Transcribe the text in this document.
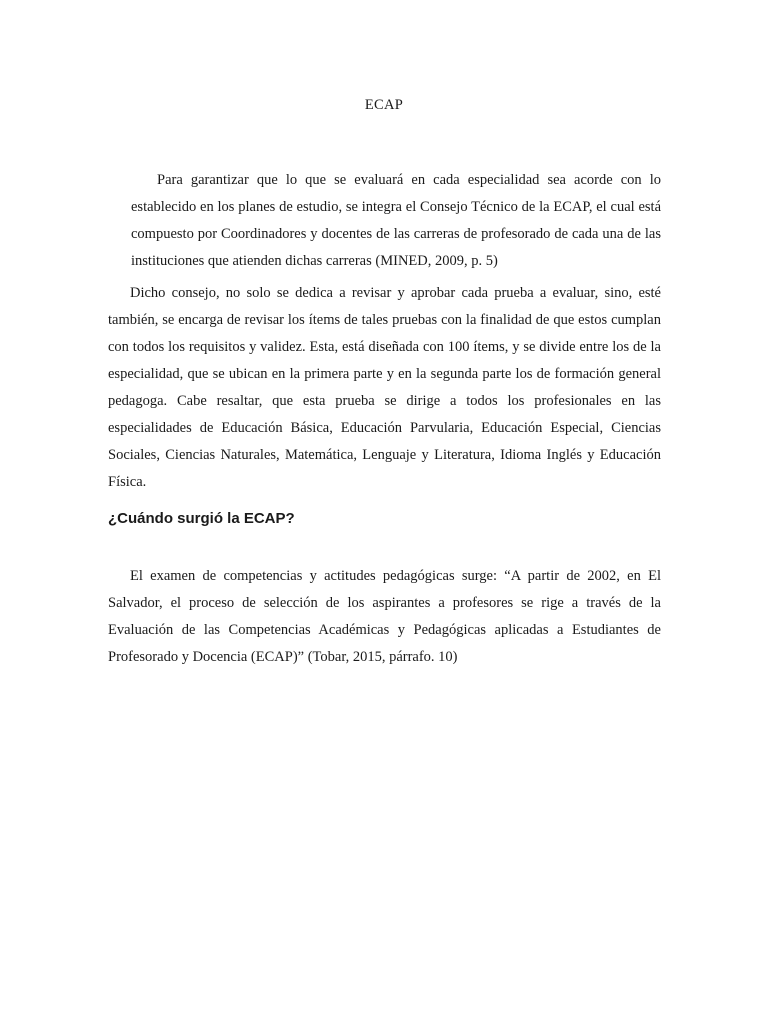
ECAP

Para garantizar que lo que se evaluará en cada especialidad sea acorde con lo establecido en los planes de estudio, se integra el Consejo Técnico de la ECAP, el cual está compuesto por Coordinadores y docentes de las carreras de profesorado de cada una de las instituciones que atienden dichas carreras (MINED, 2009, p. 5)

Dicho consejo, no solo se dedica a revisar y aprobar cada prueba a evaluar, sino, esté también, se encarga de revisar los ítems de tales pruebas con la finalidad de que estos cumplan con todos los requisitos y validez. Esta, está diseñada con 100 ítems, y se divide entre los de la especialidad, que se ubican en la primera parte y en la segunda parte los de formación general pedagoga. Cabe resaltar, que esta prueba se dirige a todos los profesionales en las especialidades de Educación Básica, Educación Parvularia, Educación Especial, Ciencias Sociales, Ciencias Naturales, Matemática, Lenguaje y Literatura, Idioma Inglés y Educación Física.

¿Cuándo surgió la ECAP?

El examen de competencias y actitudes pedagógicas surge: “A partir de 2002, en El Salvador, el proceso de selección de los aspirantes a profesores se rige a través de la Evaluación de las Competencias Académicas y Pedagógicas aplicadas a Estudiantes de Profesorado y Docencia (ECAP)” (Tobar, 2015, párrafo. 10)
